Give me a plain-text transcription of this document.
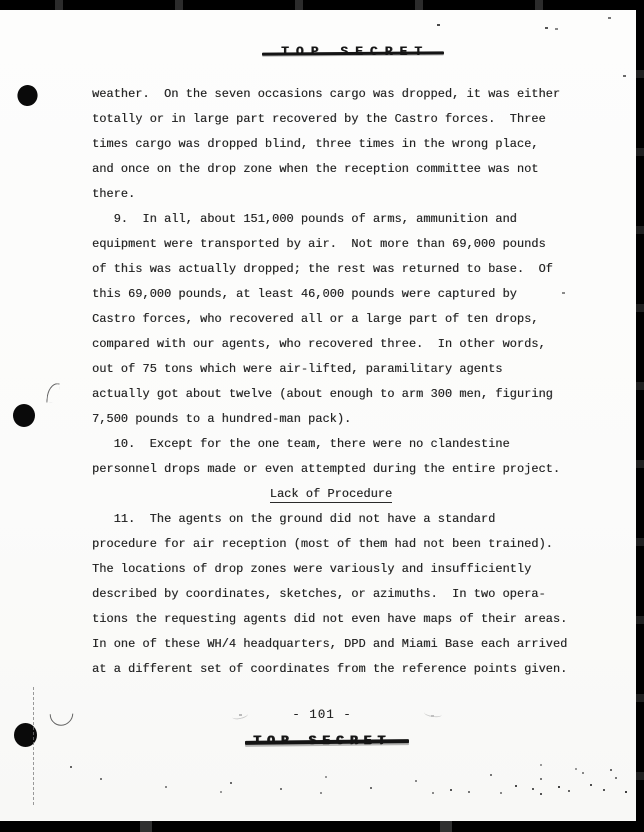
weather.  On the seven occasions cargo was dropped, it was either
totally or in large part recovered by the Castro forces.  Three
times cargo was dropped blind, three times in the wrong place,
and once on the drop zone when the reception committee was not
there.
9.  In all, about 151,000 pounds of arms, ammunition and
equipment were transported by air.  Not more than 69,000 pounds
of this was actually dropped; the rest was returned to base.  Of
this 69,000 pounds, at least 46,000 pounds were captured by
Castro forces, who recovered all or a large part of ten drops,
compared with our agents, who recovered three.  In other words,
out of 75 tons which were air-lifted, paramilitary agents
actually got about twelve (about enough to arm 300 men, figuring
7,500 pounds to a hundred-man pack).
10.  Except for the one team, there were no clandestine
personnel drops made or even attempted during the entire project.
Lack of Procedure
11.  The agents on the ground did not have a standard
procedure for air reception (most of them had not been trained).
The locations of drop zones were variously and insufficiently
described by coordinates, sketches, or azimuths.  In two opera-
tions the requesting agents did not even have maps of their areas.
In one of these WH/4 headquarters, DPD and Miami Base each arrived
at a different set of coordinates from the reference points given.
- 101 -
